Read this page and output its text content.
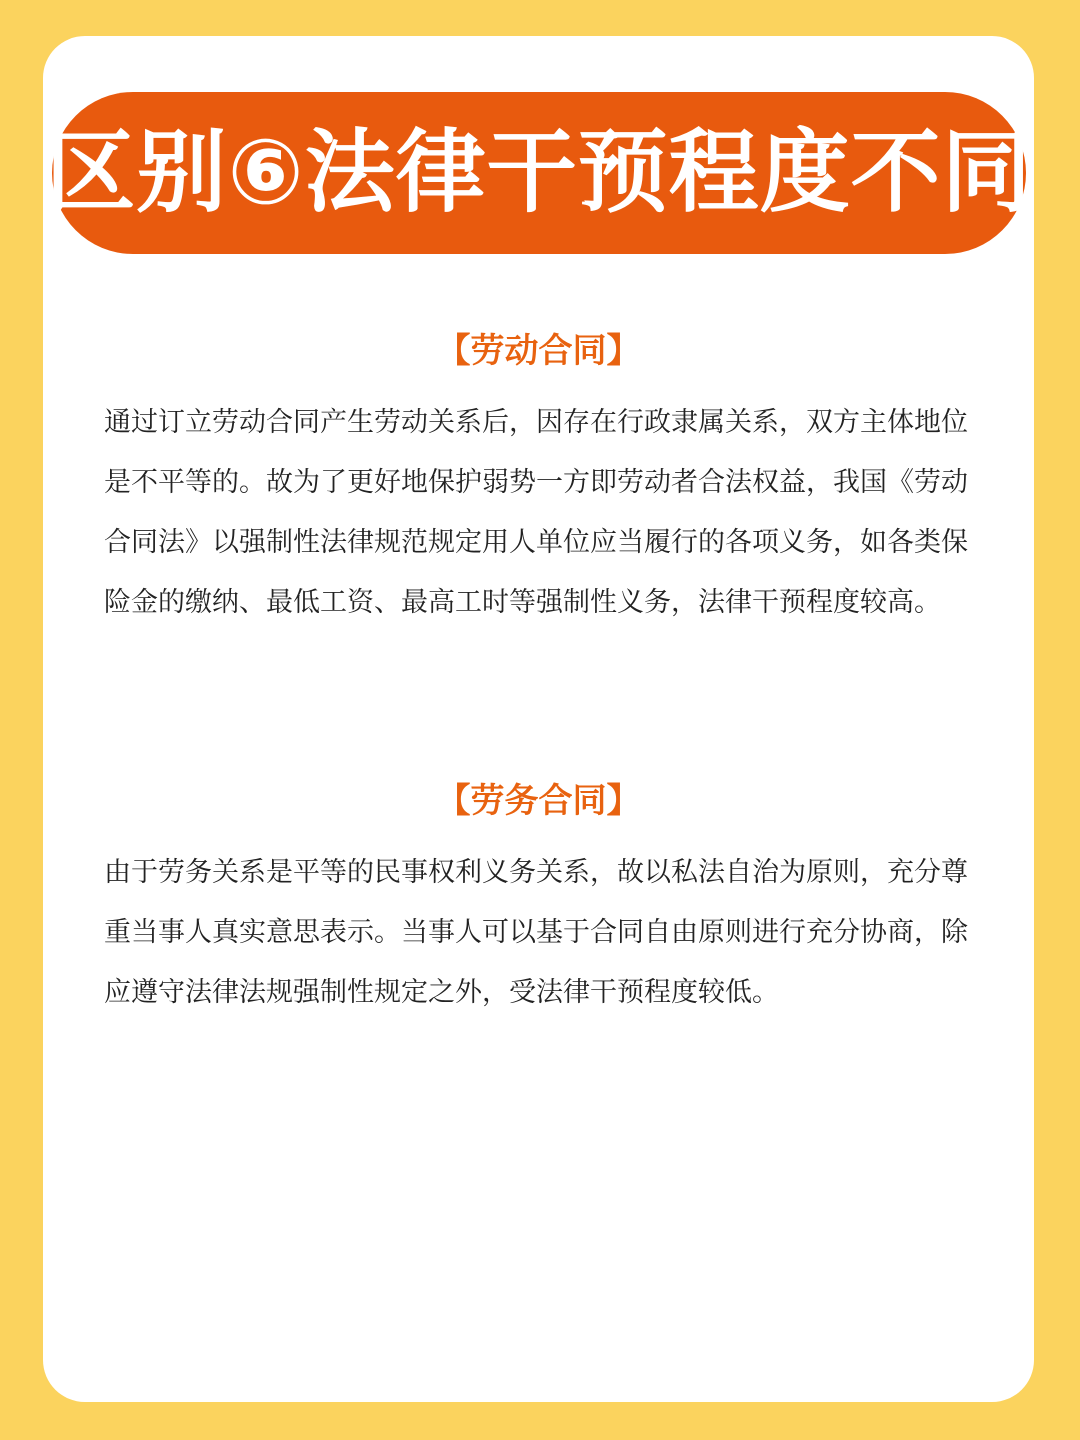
区别⑥法律干预程度不同
【劳动合同】

通过订立劳动合同产生劳动关系后，因存在行政隶属关系，双方主体地位是不平等的。故为了更好地保护弱势一方即劳动者合法权益，我国《劳动合同法》以强制性法律规范规定用人单位应当履行的各项义务，如各类保险金的缴纳、最低工资、最高工时等强制性义务，法律干预程度较高。

【劳务合同】

由于劳务关系是平等的民事权利义务关系，故以私法自治为原则，充分尊重当事人真实意思表示。当事人可以基于合同自由原则进行充分协商，除应遵守法律法规强制性规定之外，受法律干预程度较低。
